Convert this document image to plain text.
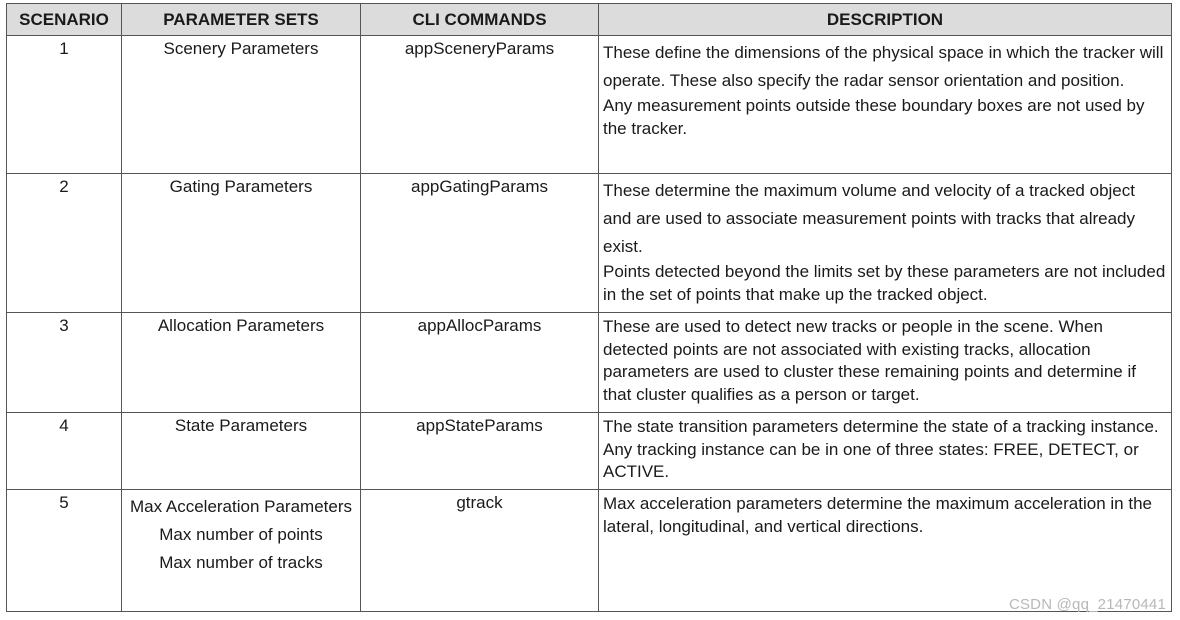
SCENARIO	PARAMETER SETS	CLI COMMANDS	DESCRIPTION
1	Scenery Parameters	appSceneryParams	These define the dimensions of the physical space in which the tracker will operate. These also specify the radar sensor orientation and position.
Any measurement points outside these boundary boxes are not used by the tracker.

2	Gating Parameters	appGatingParams	These determine the maximum volume and velocity of a tracked object and are used to associate measurement points with tracks that already exist.
Points detected beyond the limits set by these parameters are not included in the set of points that make up the tracked object.

3	Allocation Parameters	appAllocParams	These are used to detect new tracks or people in the scene. When detected points are not associated with existing tracks, allocation parameters are used to cluster these remaining points and determine if that cluster qualifies as a person or target.

4	State Parameters	appStateParams	The state transition parameters determine the state of a tracking instance. Any tracking instance can be in one of three states: FREE, DETECT, or ACTIVE.

5	Max Acceleration Parameters
Max number of points
Max number of tracks	gtrack	Max acceleration parameters determine the maximum acceleration in the lateral, longitudinal, and vertical directions.
CSDN @qq_21470441
